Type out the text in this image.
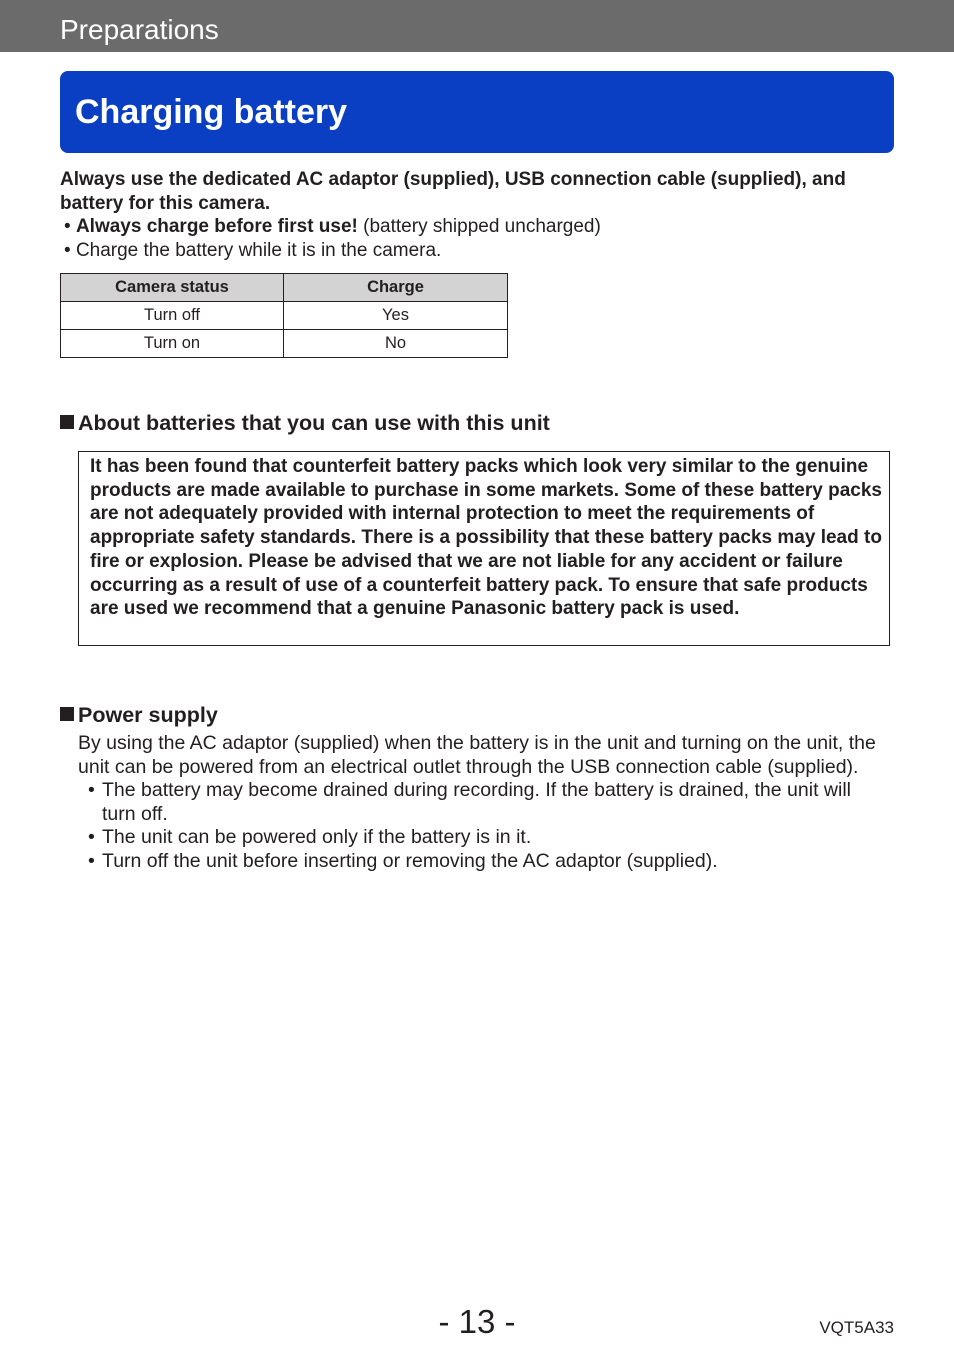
Preparations
Charging battery
Always use the dedicated AC adaptor (supplied), USB connection cable (supplied), and battery for this camera.
• Always charge before first use! (battery shipped uncharged)
• Charge the battery while it is in the camera.
Camera status	Charge
Turn off	Yes
Turn on	No
About batteries that you can use with this unit
It has been found that counterfeit battery packs which look very similar to the genuine products are made available to purchase in some markets. Some of these battery packs are not adequately provided with internal protection to meet the requirements of appropriate safety standards. There is a possibility that these battery packs may lead to fire or explosion. Please be advised that we are not liable for any accident or failure occurring as a result of use of a counterfeit battery pack. To ensure that safe products are used we recommend that a genuine Panasonic battery pack is used.
Power supply
By using the AC adaptor (supplied) when the battery is in the unit and turning on the unit, the unit can be powered from an electrical outlet through the USB connection cable (supplied).
• The battery may become drained during recording. If the battery is drained, the unit will turn off.
• The unit can be powered only if the battery is in it.
• Turn off the unit before inserting or removing the AC adaptor (supplied).
- 13 -	VQT5A33
